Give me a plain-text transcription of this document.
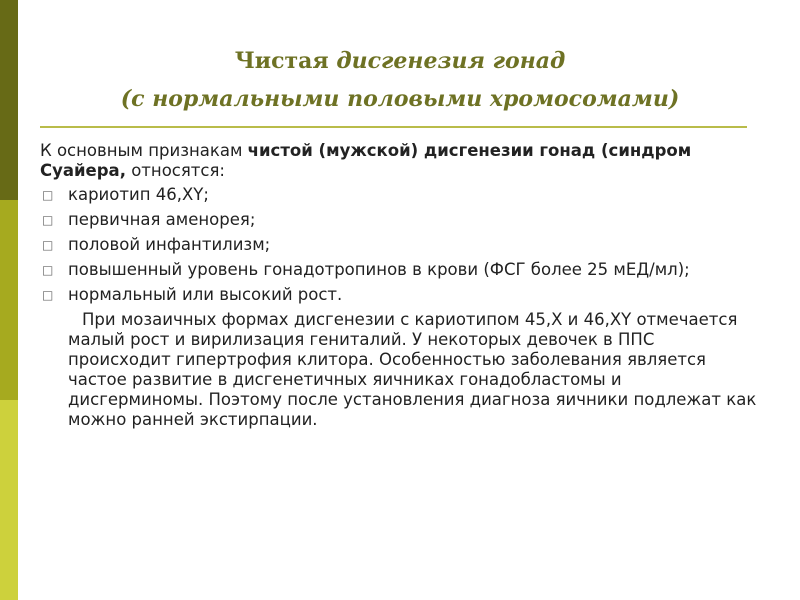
Чистая дисгенезия гонад
(с нормальными половыми хромосомами)

К основным признакам чистой (мужской) дисгенезии гонад (синдром Суайера, относятся:

□ кариотип 46,XY;
□ первичная аменорея;
□ половой инфантилизм;
□ повышенный уровень гонадотропинов в крови (ФСГ более 25 мЕД/мл);
□ нормальный или высокий рост.

При мозаичных формах дисгенезии с кариотипом 45,X и 46,XY отмечается малый рост и вирилизация гениталий. У некоторых девочек в ППС происходит гипертрофия клитора. Особенностью заболевания является частое развитие в дисгенетичных яичниках гонадобластомы и дисгерминомы. Поэтому после установления диагноза яичники подлежат как можно ранней экстирпации.
